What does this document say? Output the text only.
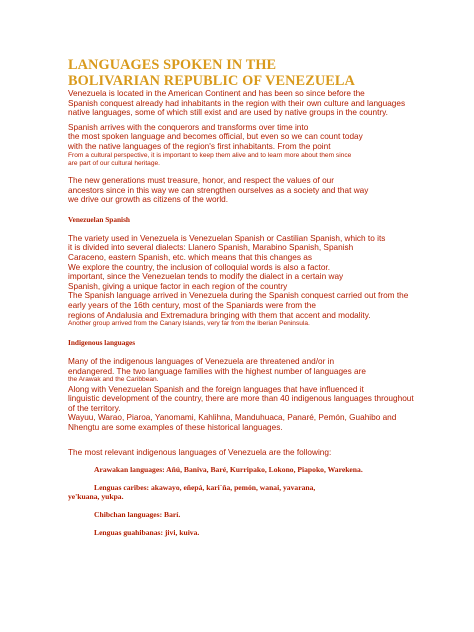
LANGUAGES SPOKEN IN THE
BOLIVARIAN REPUBLIC OF VENEZUELA

Venezuela is located in the American Continent and has been so since before the

Spanish conquest already had inhabitants in the region with their own culture and languages

native languages, some of which still exist and are used by native groups in the country.

Spanish arrives with the conquerors and transforms over time into

the most spoken language and becomes official, but even so we can count today

with the native languages of the region's first inhabitants. From the point

From a cultural perspective, it is important to keep them alive and to learn more about them since

are part of our cultural heritage.

The new generations must treasure, honor, and respect the values of our

ancestors since in this way we can strengthen ourselves as a society and that way

we drive our growth as citizens of the world.

Venezuelan Spanish

The variety used in Venezuela is Venezuelan Spanish or Castilian Spanish, which to its

it is divided into several dialects: Llanero Spanish, Marabino Spanish, Spanish

Caraceno, eastern Spanish, etc. which means that this changes as

We explore the country, the inclusion of colloquial words is also a factor.

important, since the Venezuelan tends to modify the dialect in a certain way

Spanish, giving a unique factor in each region of the country

The Spanish language arrived in Venezuela during the Spanish conquest carried out from the

early years of the 16th century, most of the Spaniards were from the

regions of Andalusia and Extremadura bringing with them that accent and modality.

Another group arrived from the Canary Islands, very far from the Iberian Peninsula.

Indigenous languages

Many of the indigenous languages of Venezuela are threatened and/or in

endangered. The two language families with the highest number of languages are

the Arawak and the Caribbean.

Along with Venezuelan Spanish and the foreign languages that have influenced it

linguistic development of the country, there are more than 40 indigenous languages throughout

of the territory.

Wayuu, Warao, Piaroa, Yanomami, Kahlihna, Manduhuaca, Panaré, Pemón, Guahibo and

Nhengtu are some examples of these historical languages.

The most relevant indigenous languages of Venezuela are the following:

Arawakan languages: Añú, Baniva, Baré, Kurripako, Lokono, Piapoko, Warekena.
Lenguas caribes: akawayo, eñepá, kari´ña, pemón, wanai, yavarana,
ye'kuana, yukpa.
Chibchan languages: Barí.
Lenguas guahibanas: jivi, kuiva.
